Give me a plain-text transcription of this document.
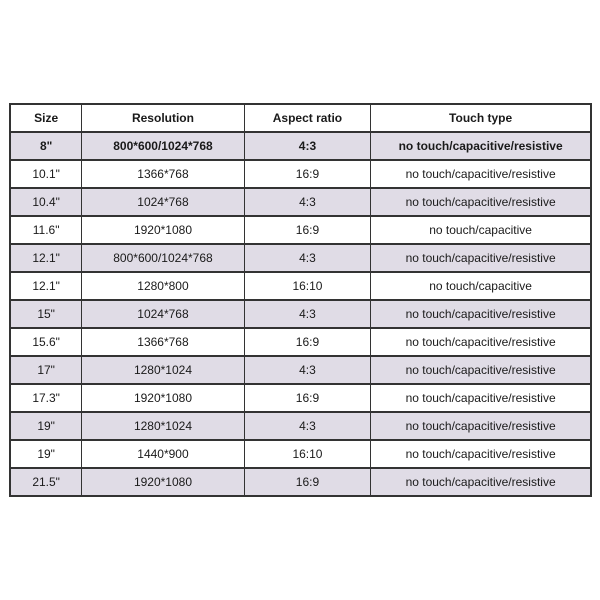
Size	Resolution	Aspect ratio	Touch type
8"	800*600/1024*768	4:3	no touch/capacitive/resistive
10.1"	1366*768	16:9	no touch/capacitive/resistive
10.4"	1024*768	4:3	no touch/capacitive/resistive
11.6"	1920*1080	16:9	no touch/capacitive
12.1"	800*600/1024*768	4:3	no touch/capacitive/resistive
12.1"	1280*800	16:10	no touch/capacitive
15"	1024*768	4:3	no touch/capacitive/resistive
15.6"	1366*768	16:9	no touch/capacitive/resistive
17"	1280*1024	4:3	no touch/capacitive/resistive
17.3"	1920*1080	16:9	no touch/capacitive/resistive
19"	1280*1024	4:3	no touch/capacitive/resistive
19"	1440*900	16:10	no touch/capacitive/resistive
21.5"	1920*1080	16:9	no touch/capacitive/resistive
